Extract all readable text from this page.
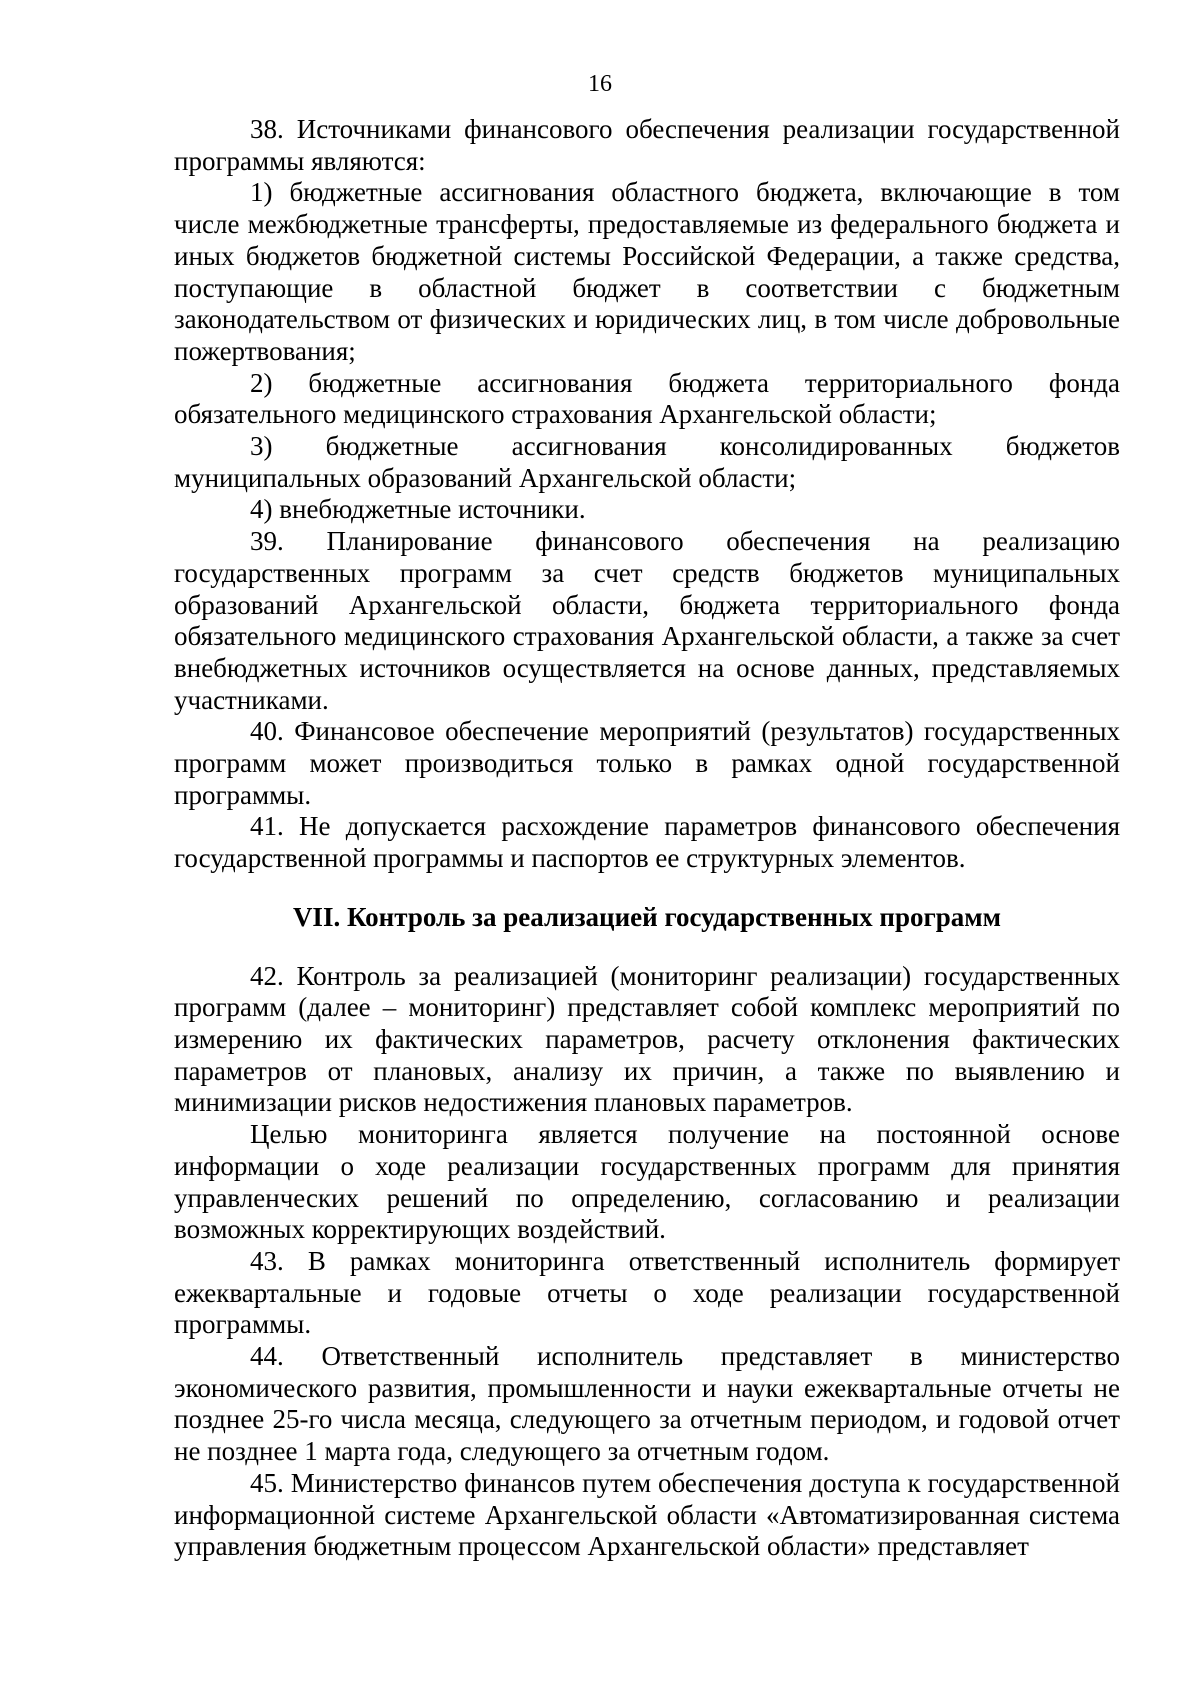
16

38. Источниками финансового обеспечения реализации государственной программы являются:

1) бюджетные ассигнования областного бюджета, включающие в том числе межбюджетные трансферты, предоставляемые из федерального бюджета и иных бюджетов бюджетной системы Российской Федерации, а также средства, поступающие в областной бюджет в соответствии с бюджетным законодательством от физических и юридических лиц, в том числе добровольные пожертвования;

2) бюджетные ассигнования бюджета территориального фонда обязательного медицинского страхования Архангельской области;

3) бюджетные ассигнования консолидированных бюджетов муниципальных образований Архангельской области;

4) внебюджетные источники.

39. Планирование финансового обеспечения на реализацию государственных программ за счет средств бюджетов муниципальных образований Архангельской области, бюджета территориального фонда обязательного медицинского страхования Архангельской области, а также за счет внебюджетных источников осуществляется на основе данных, представляемых участниками.

40. Финансовое обеспечение мероприятий (результатов) государственных программ может производиться только в рамках одной государственной программы.

41. Не допускается расхождение параметров финансового обеспечения государственной программы и паспортов ее структурных элементов.

VII. Контроль за реализацией государственных программ

42. Контроль за реализацией (мониторинг реализации) государственных программ (далее – мониторинг) представляет собой комплекс мероприятий по измерению их фактических параметров, расчету отклонения фактических параметров от плановых, анализу их причин, а также по выявлению и минимизации рисков недостижения плановых параметров.

Целью мониторинга является получение на постоянной основе информации о ходе реализации государственных программ для принятия управленческих решений по определению, согласованию и реализации возможных корректирующих воздействий.

43. В рамках мониторинга ответственный исполнитель формирует ежеквартальные и годовые отчеты о ходе реализации государственной программы.

44. Ответственный исполнитель представляет в министерство экономического развития, промышленности и науки ежеквартальные отчеты не позднее 25-го числа месяца, следующего за отчетным периодом, и годовой отчет не позднее 1 марта года, следующего за отчетным годом.

45. Министерство финансов путем обеспечения доступа к государственной информационной системе Архангельской области «Автоматизированная система управления бюджетным процессом Архангельской области» представляет
